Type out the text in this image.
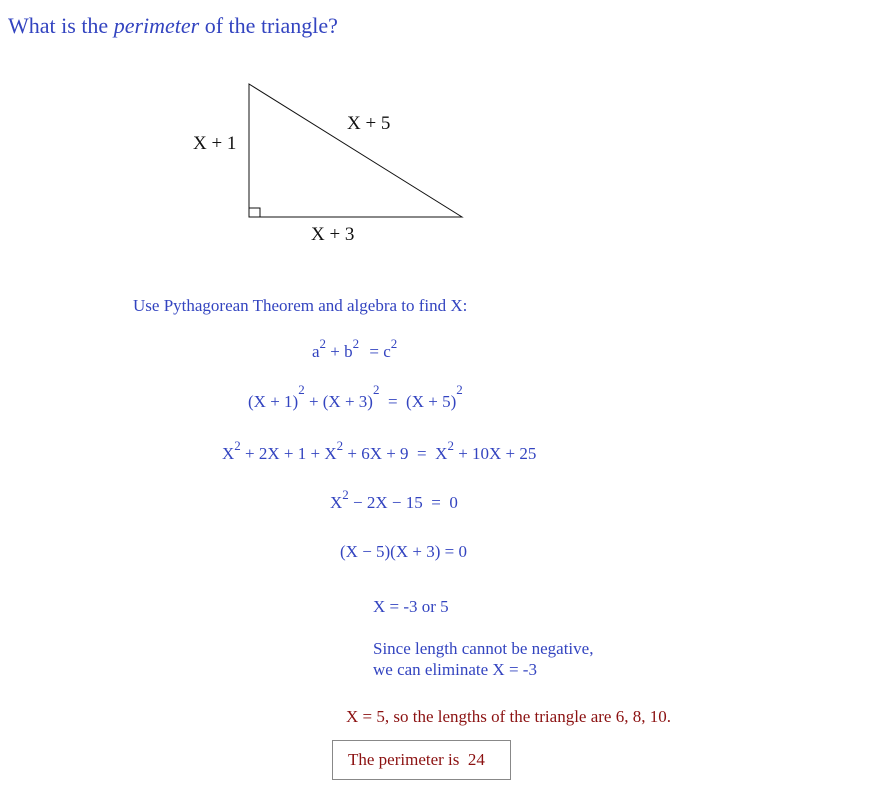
What is the perimeter of the triangle?
X + 1
X + 5
X + 3
Use Pythagorean Theorem and algebra to find X:
$a^2 + b^2 = c^2$
$(X + 1)^2 + (X + 3)^2 = (X + 5)^2$
$X^2 + 2X + 1 + X^2 + 6X + 9 = X^2 + 10X + 25$
$X^2 - 2X - 15 = 0$
(X − 5)(X + 3) = 0
X = -3 or 5
Since length cannot be negative,
we can eliminate X = -3
X = 5, so the lengths of the triangle are 6, 8, 10.
The perimeter is 24
